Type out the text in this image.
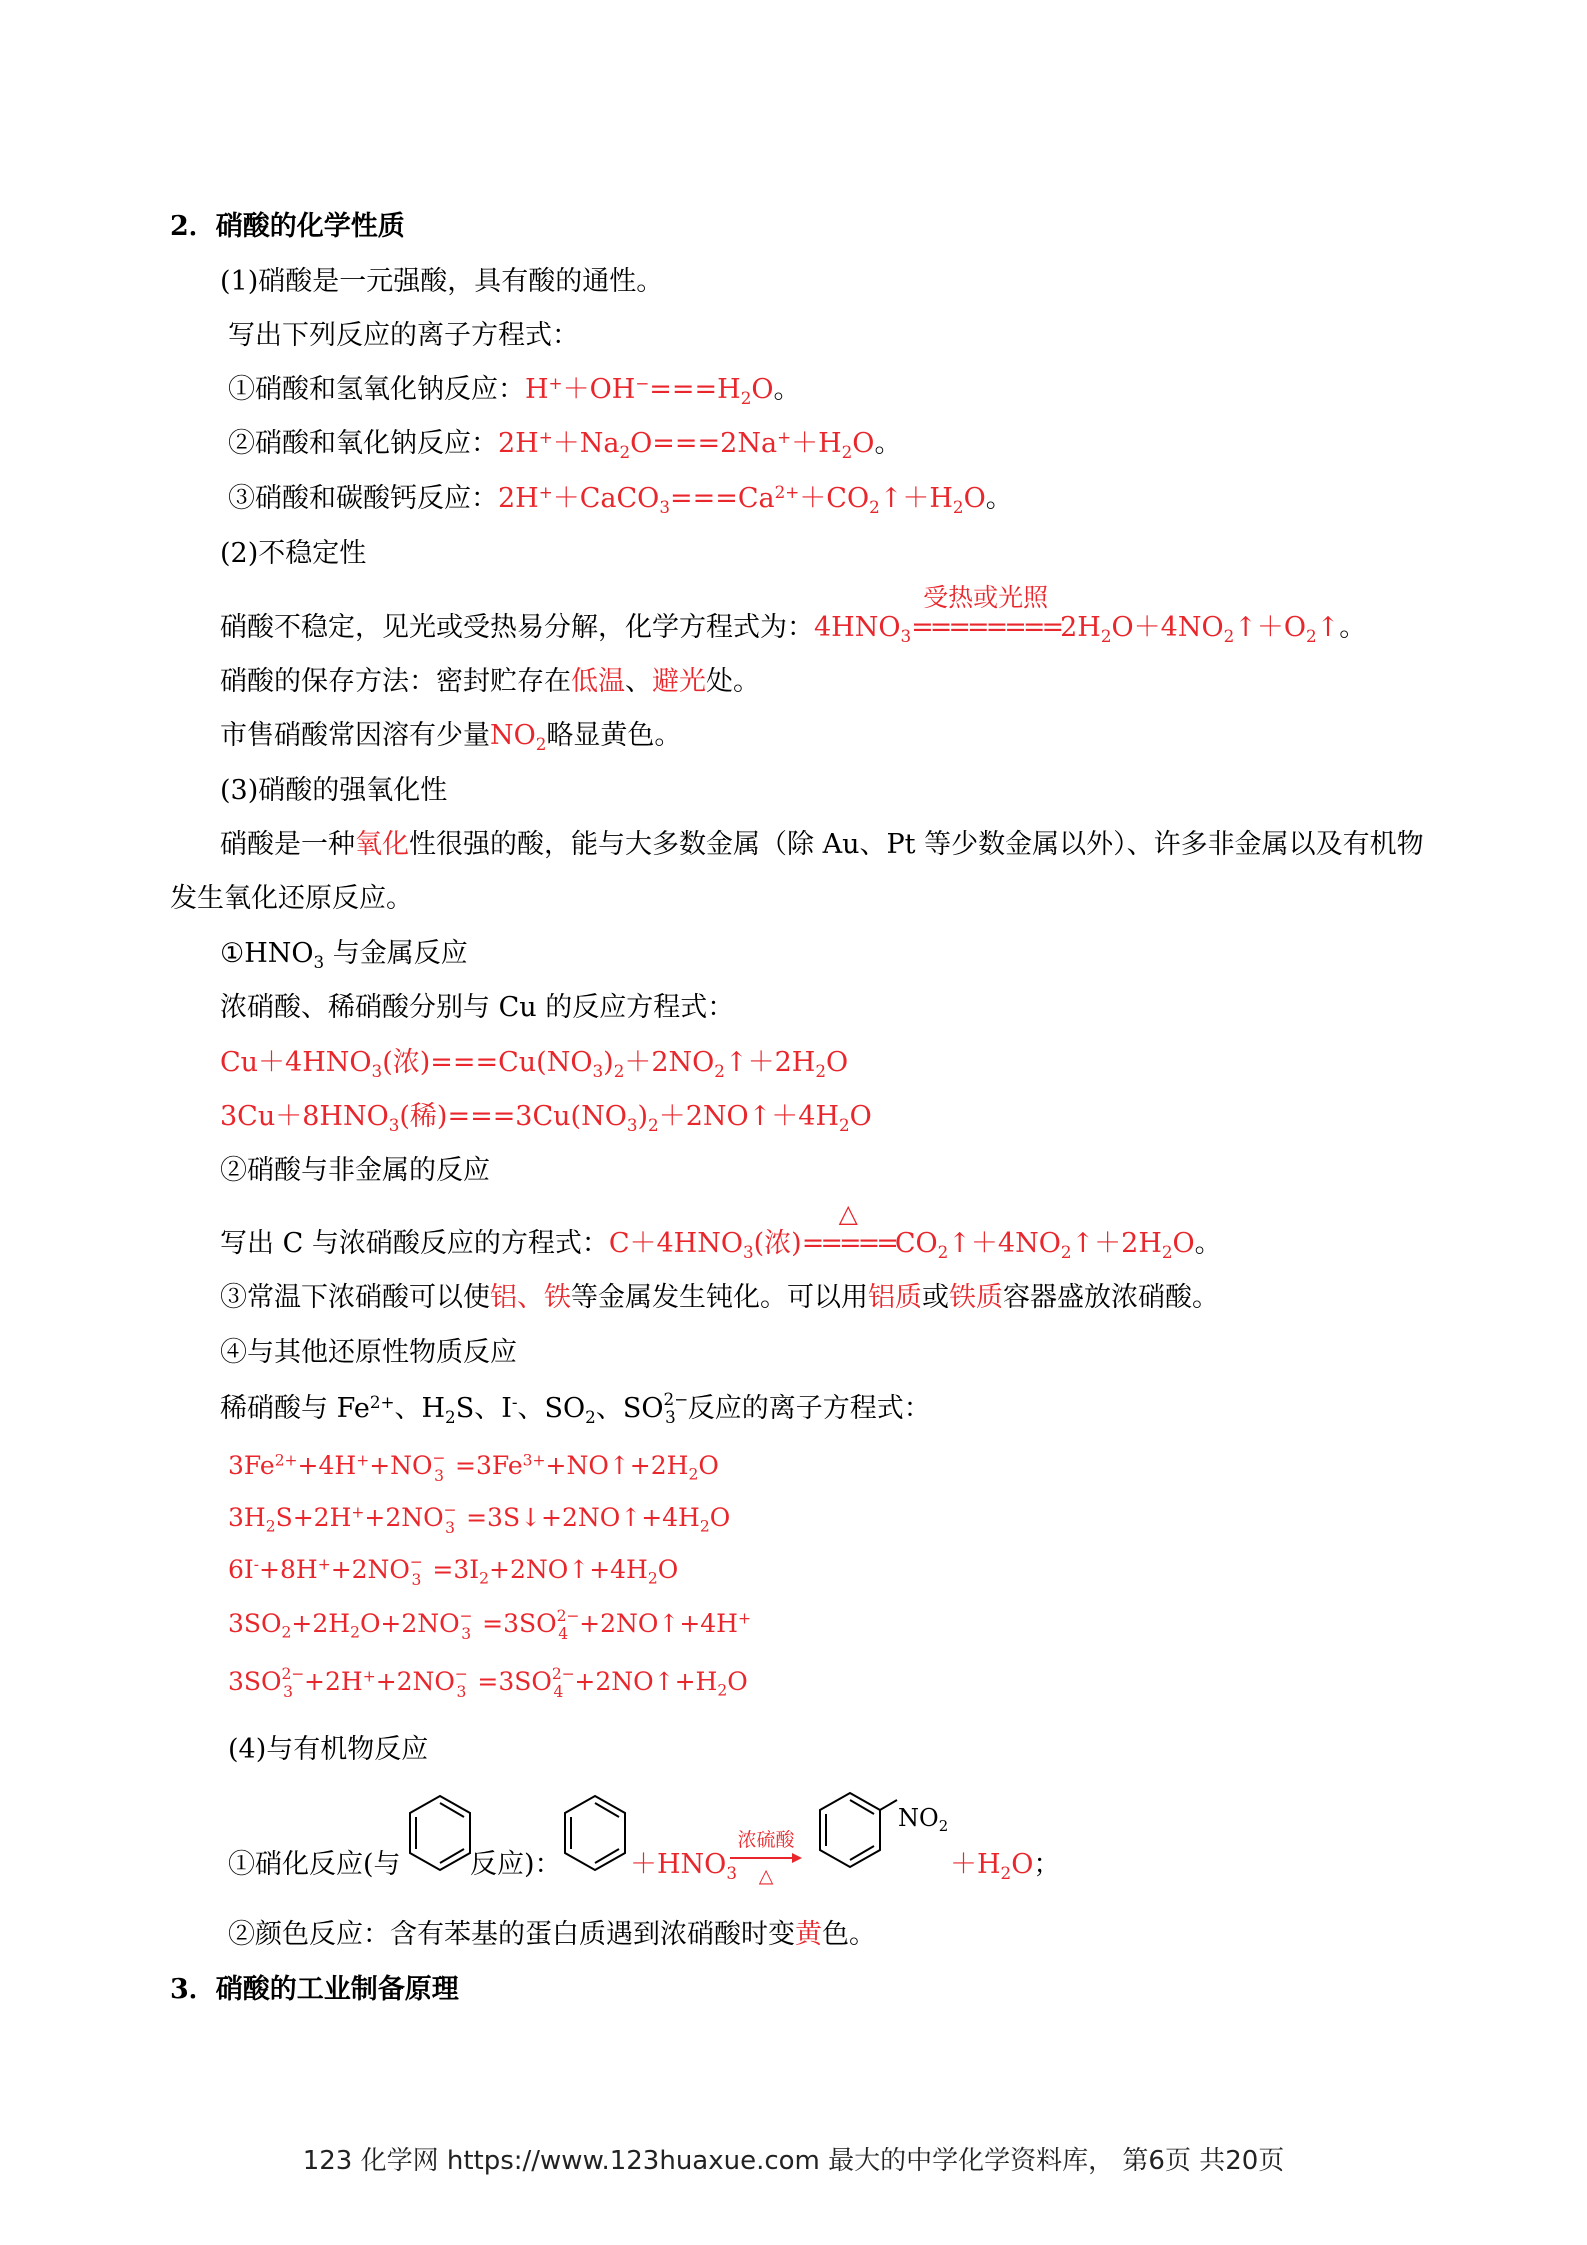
2．硝酸的化学性质
(1)硝酸是一元强酸，具有酸的通性。
写出下列反应的离子方程式：
①硝酸和氢氧化钠反应：$H^++OH^-===H_2O$。
②硝酸和氧化钠反应：$2H^++Na_2O===2Na^++H_2O$。
③硝酸和碳酸钙反应：$2H^++CaCO_3===Ca^{2+}+CO_2↑+H_2O$。
(2)不稳定性
硝酸不稳定，见光或受热易分解，化学方程式为：$4HNO_3$
受热或光照
$========2H_2O+4NO_2↑+O_2↑$。
硝酸的保存方法：密封贮存在低温、避光处。
市售硝酸常因溶有少量$NO_2$略显黄色。
(3)硝酸的强氧化性
硝酸是一种氧化性很强的酸，能与大多数金属（除 Au、Pt 等少数金属以外）、许多非金属以及有机物
发生氧化还原反应。
$①HNO_3$ 与金属反应
浓硝酸、稀硝酸分别与 Cu 的反应方程式：
$Cu+4HNO_3$(浓)$===Cu(NO_3)_2+2NO_2↑+2H_2O$
$3Cu+8HNO_3$(稀)$===3Cu(NO_3)_2+2NO↑+4H_2O$
②硝酸与非金属的反应
写出 C 与浓硝酸反应的方程式：$C+4HNO_3$(浓)
△
$=====CO_2↑+4NO_2↑+2H_2O$。
③常温下浓硝酸可以使铝、铁等金属发生钝化。可以用铝质或铁质容器盛放浓硝酸。
④与其他还原性物质反应
稀硝酸与 $Fe^{2+}$、$H_2S$、I-、$SO_2$、SO 2−
3 反应的离子方程式：
$3Fe^{2+}+4H^++NO$ −
$3 =3Fe^{3+}+NO↑+2H_2O$
$3H_2S+2H^++2NO$ −
$3 =3S↓+2NO↑+4H_2O$
6I-+8H++2NO −
$3 =3I_2+2NO↑+4H_2O$
$3SO_2+2H_2O+2NO$ −
3 =3SO 2−
4 +2NO↑+4H+
3SO 2−
3 +2H++2NO −
3 =3SO 2−
$4 +2NO↑+H_2O$
(4)与有机物反应
①硝化反应(与	反应)：	$+HNO_3$
浓硫酸
△
$NO_2$
$+H_2O$；
②颜色反应：含有苯基的蛋白质遇到浓硝酸时变黄色。
3．硝酸的工业制备原理
123 化学网 https://www.123huaxue.com 最大的中学化学资料库， 第6页 共20页
